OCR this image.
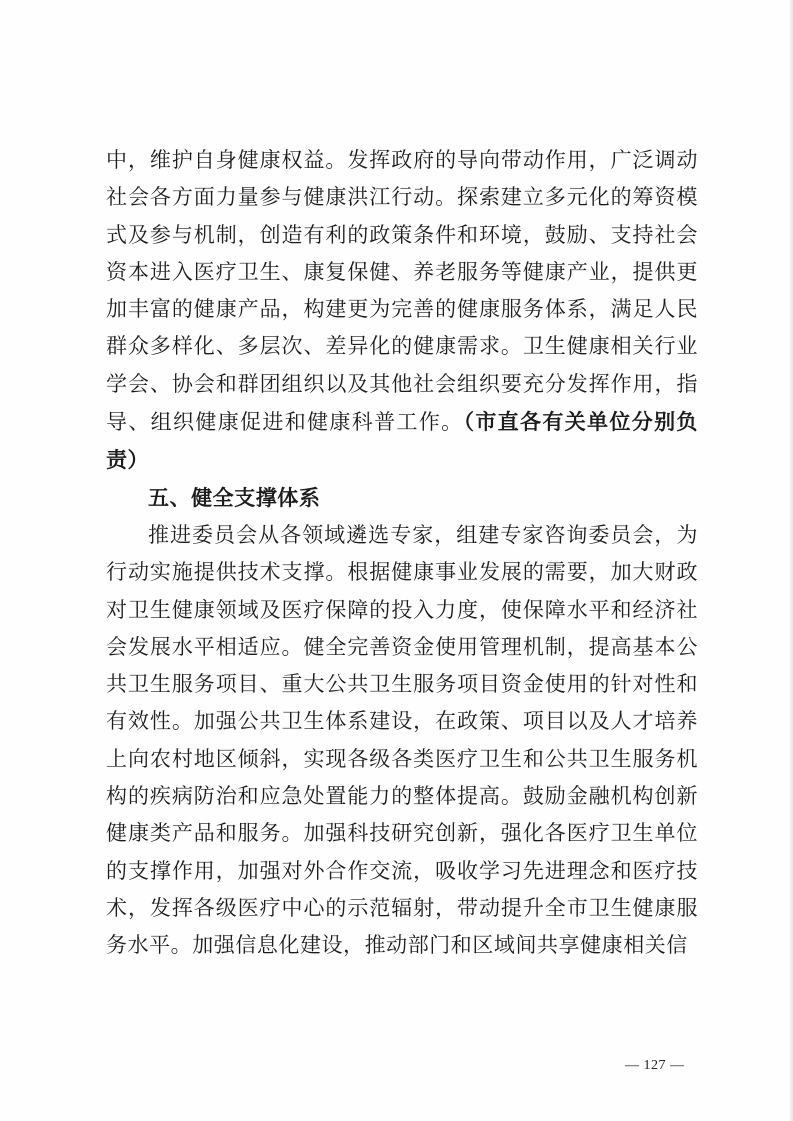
中，维护自身健康权益。发挥政府的导向带动作用，广泛调动社会各方面力量参与健康洪江行动。探索建立多元化的筹资模式及参与机制，创造有利的政策条件和环境，鼓励、支持社会资本进入医疗卫生、康复保健、养老服务等健康产业，提供更加丰富的健康产品，构建更为完善的健康服务体系，满足人民群众多样化、多层次、差异化的健康需求。卫生健康相关行业学会、协会和群团组织以及其他社会组织要充分发挥作用，指导、组织健康促进和健康科普工作。（市直各有关单位分别负责）

五、健全支撑体系

推进委员会从各领域遴选专家，组建专家咨询委员会，为行动实施提供技术支撑。根据健康事业发展的需要，加大财政对卫生健康领域及医疗保障的投入力度，使保障水平和经济社会发展水平相适应。健全完善资金使用管理机制，提高基本公共卫生服务项目、重大公共卫生服务项目资金使用的针对性和有效性。加强公共卫生体系建设，在政策、项目以及人才培养上向农村地区倾斜，实现各级各类医疗卫生和公共卫生服务机构的疾病防治和应急处置能力的整体提高。鼓励金融机构创新健康类产品和服务。加强科技研究创新，强化各医疗卫生单位的支撑作用，加强对外合作交流，吸收学习先进理念和医疗技术，发挥各级医疗中心的示范辐射，带动提升全市卫生健康服务水平。加强信息化建设，推动部门和区域间共享健康相关信

— 127 —
